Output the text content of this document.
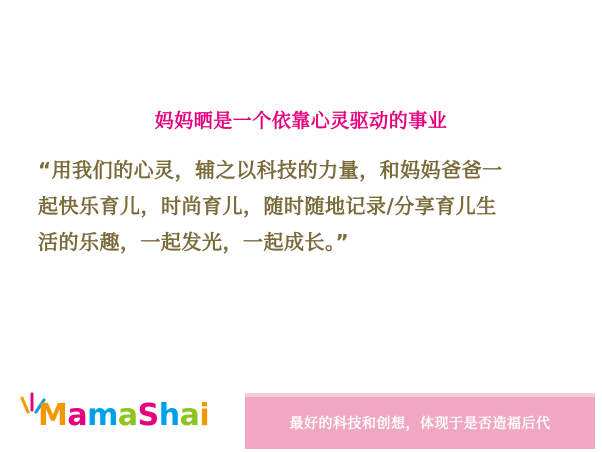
妈妈晒是一个依靠心灵驱动的事业
“用我们的心灵，辅之以科技的力量，和妈妈爸爸一
起快乐育儿，时尚育儿，随时随地记录/分享育儿生
活的乐趣，一起发光，一起成长。”
MamaShai	最好的科技和创想，体现于是否造福后代
